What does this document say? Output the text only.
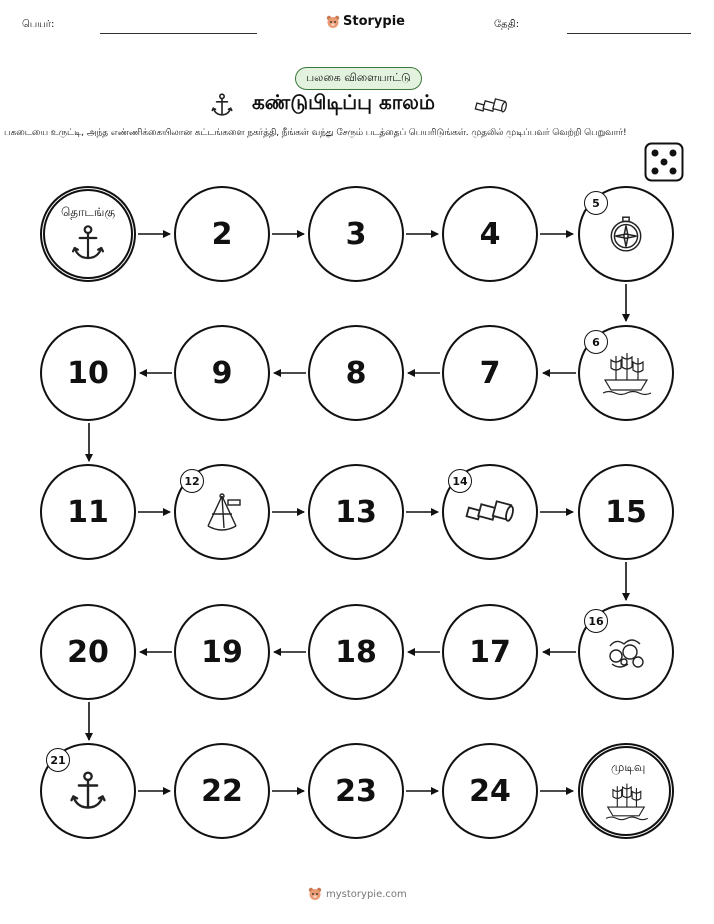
பெயர்:	Storypie	தேதி:
பலகை விளையாட்டு
கண்டுபிடிப்பு காலம்
பகடையை உருட்டி, அந்த எண்ணிக்கையிலான கட்டங்களை நகர்த்தி, நீங்கள் வந்து சேரும் படத்தைப் பெயரிடுங்கள். முதலில் முடிப்பவர் வெற்றி பெறுவார்!
தொடங்கு
2	3	4
5
6
7
8
9
10
11
12
13
14
15
16
17
18
19
20
21
22	23	24
முடிவு
mystorypie.com
